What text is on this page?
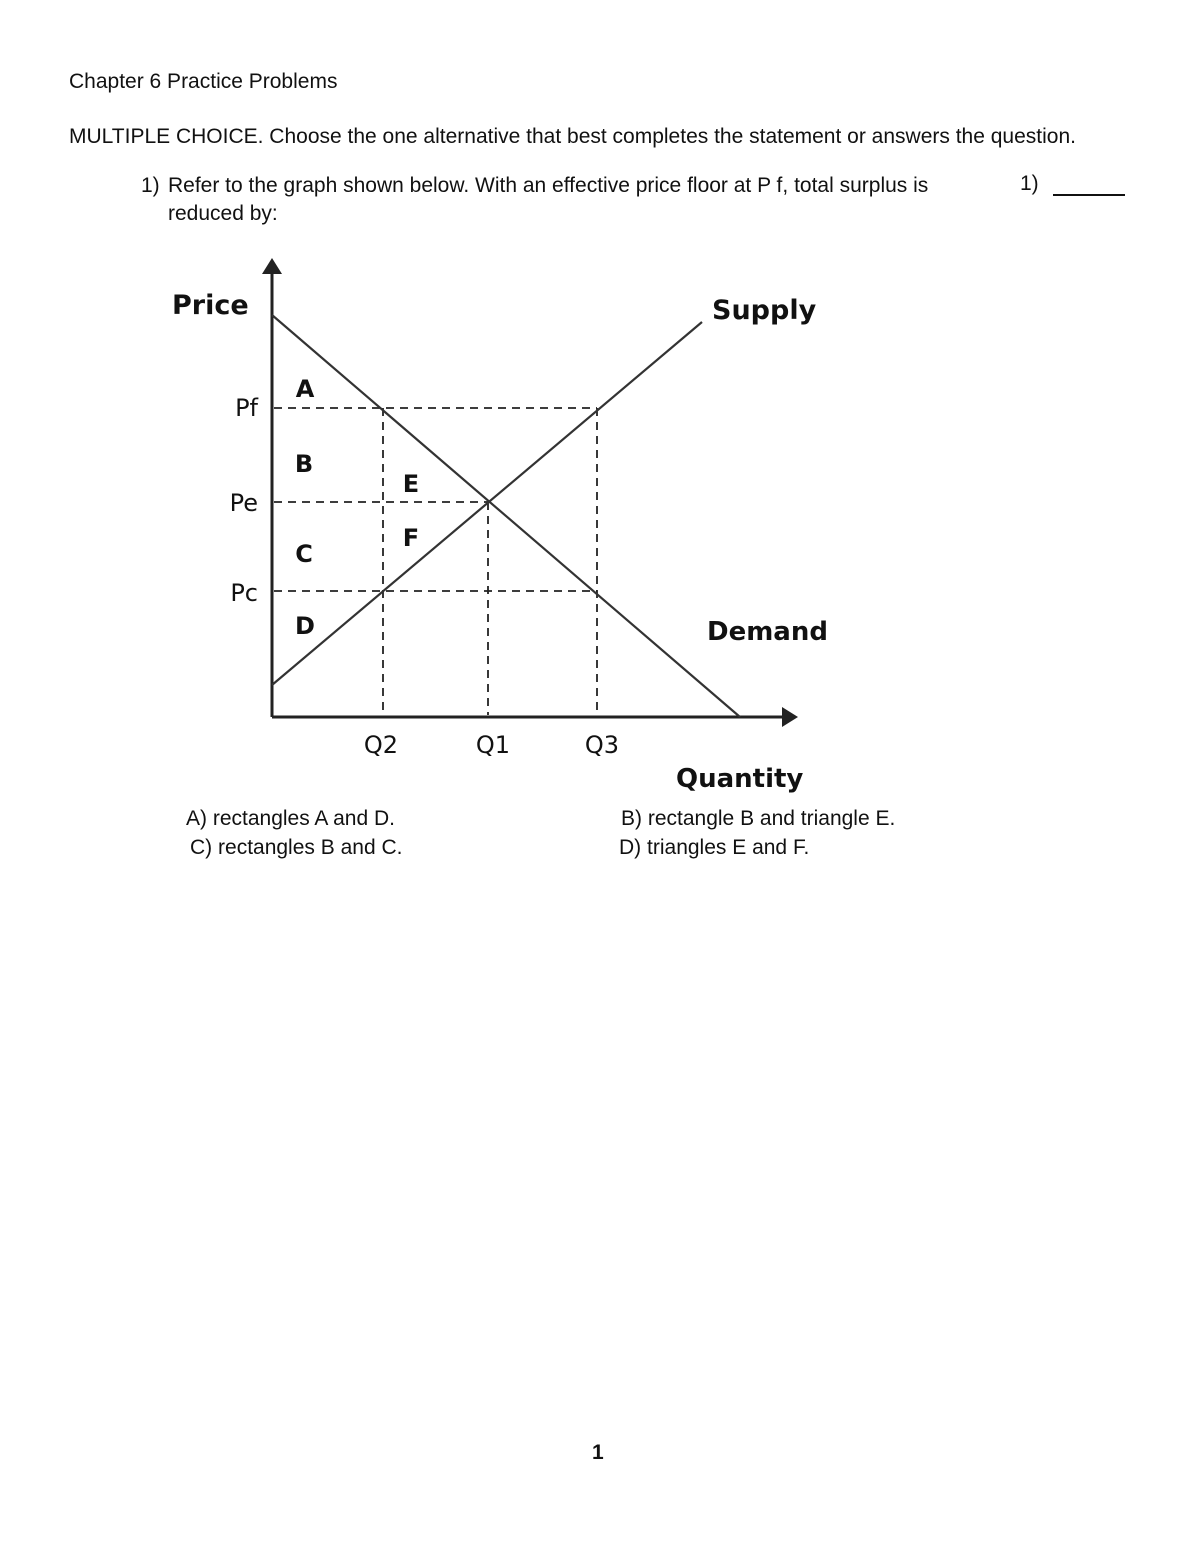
Chapter 6 Practice Problems
MULTIPLE CHOICE. Choose the one alternative that best completes the statement or answers the question.
1) Refer to the graph shown below. With an effective price floor at P f, total surplus is
reduced by:
1)
Price
Quantity
Supply
Demand
Pf
Pe
Pc
Q2	Q1	Q3
A
B
C
D
E
F
A) rectangles A and D.
C) rectangles B and C.
B) rectangle B and triangle E.
D) triangles E and F.
1
